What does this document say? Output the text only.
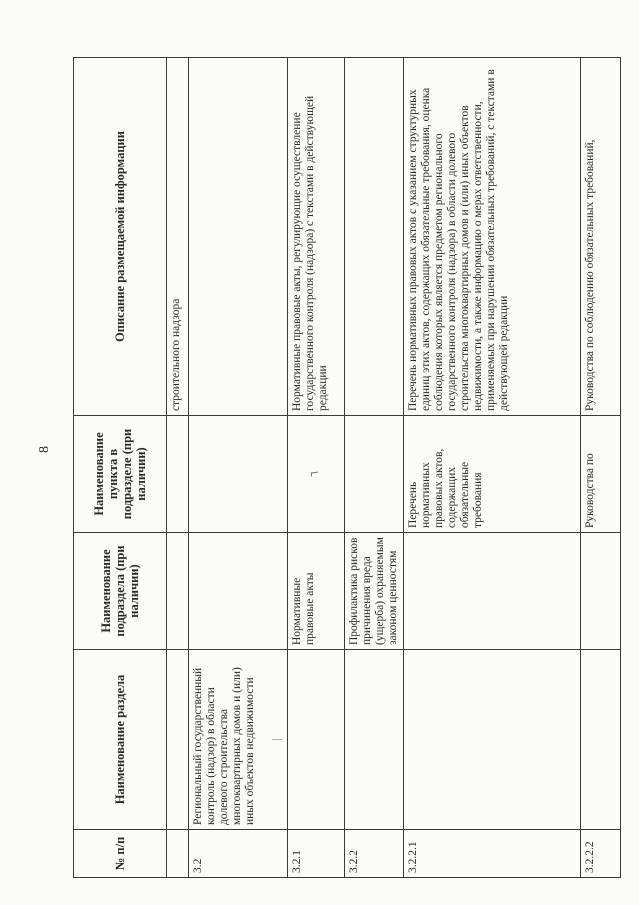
8
№ п/п	Наименование раздела	Наименование подраздела (при наличии)	Наименование пункта в подразделе (при наличии)	Описание размещаемой информации
				строительного надзора
3.2	Региональный государственный контроль (надзор) в области долевого строительства многоквартирных домов и (или) иных объектов недвижимости |			

3.2.1		Нормативные правовые акты	٦	Нормативные правовые акты, регулирующие осуществление государственного контроля (надзора) с текстами в действующей редакции
3.2.2		Профилактика рисков причинения вреда (ущерба) охраняемым законом ценностям		
3.2.2.1			Перечень нормативных правовых актов, содержащих обязательные требования	Перечень нормативных правовых актов с указанием структурных единиц этих актов, содержащих обязательные требования, оценка соблюдения которых является предметом регионального государственного контроля (надзора) в области долевого строительства многоквартирных домов и (или) иных объектов недвижимости, а также информацию о мерах ответственности, применяемых при нарушении обязательных требований, с текстами в действующей редакции
3.2.2.2			Руководства по	Руководства по соблюдению обязательных требований,
